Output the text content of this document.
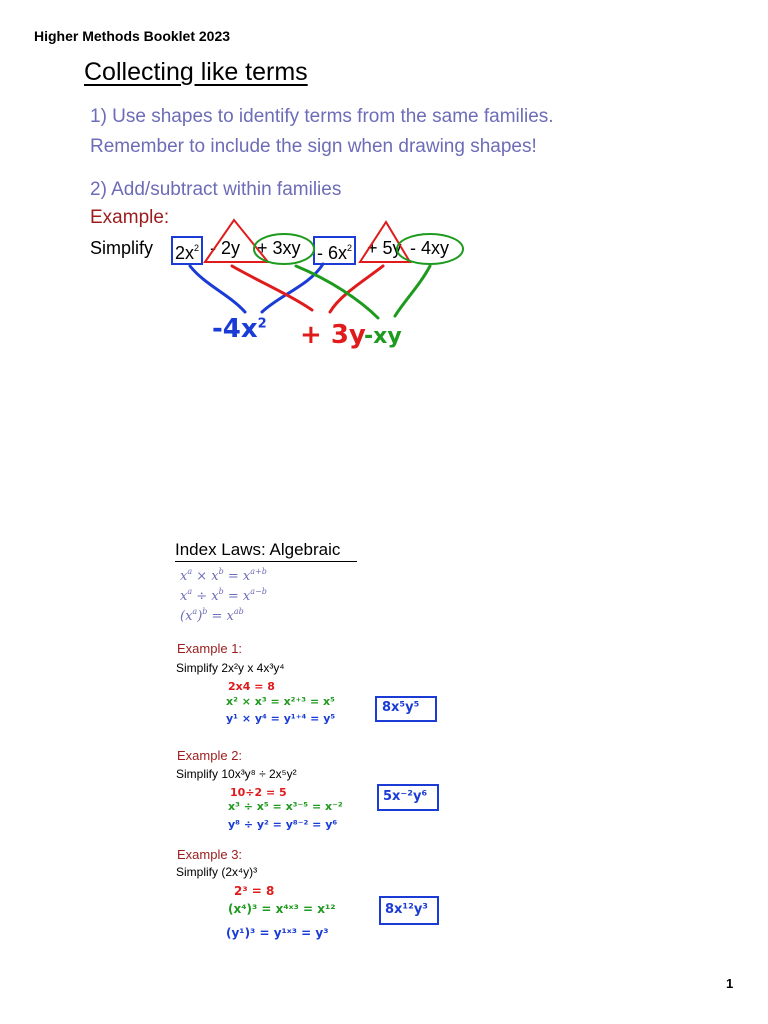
Higher Methods Booklet 2023
Collecting like terms
1) Use shapes to identify terms from the same families.
Remember to include the sign when drawing shapes!
2) Add/subtract within families
Example:
Simplify $2x^2 - 2y + 3xy - 6x^2 + 5y - 4xy$
$-4x^2 + 3y$
-xy
Index Laws: Algebraic
$x^a \times x^b = x^{a+b}$
$x^a \div x^b = x^{a-b}$
$(x^a)^b = x^{ab}$
Example 1:
Simplify 2x²y x 4x³y⁴
2x4 = 8
x² × x³ = x²⁺³ = x⁵
y¹ × y⁴ = y¹⁺⁴ = y⁵
8x⁵y⁵
Example 2:
Simplify 10x³y⁸ ÷ 2x⁵y²
10÷2 = 5
x³ ÷ x⁵ = x³⁻⁵ = x⁻²
y⁸ ÷ y² = y⁸⁻² = y⁶
5x⁻²y⁶
Example 3:
Simplify (2x⁴y)³
2³ = 8
(x⁴)³ = x⁴ˣ³ = x¹²
(y¹)³ = y¹ˣ³ = y³
8x¹²y³
1
